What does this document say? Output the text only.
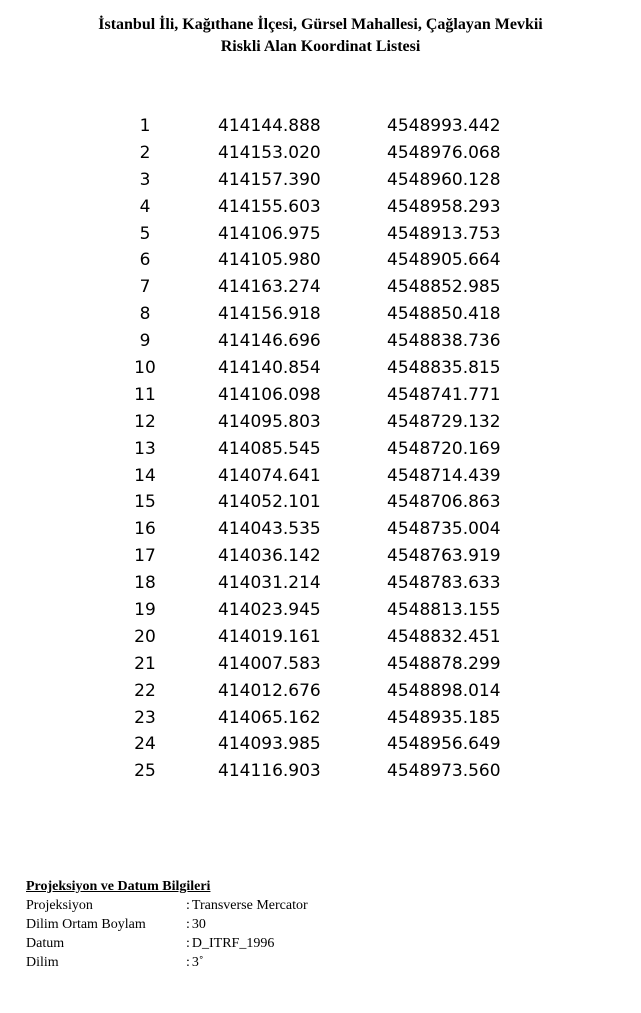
İstanbul İli, Kağıthane İlçesi, Gürsel Mahallesi, Çağlayan Mevkii
Riskli Alan Koordinat Listesi
1	414144.888	4548993.442
2	414153.020	4548976.068
3	414157.390	4548960.128
4	414155.603	4548958.293
5	414106.975	4548913.753
6	414105.980	4548905.664
7	414163.274	4548852.985
8	414156.918	4548850.418
9	414146.696	4548838.736
10	414140.854	4548835.815
11	414106.098	4548741.771
12	414095.803	4548729.132
13	414085.545	4548720.169
14	414074.641	4548714.439
15	414052.101	4548706.863
16	414043.535	4548735.004
17	414036.142	4548763.919
18	414031.214	4548783.633
19	414023.945	4548813.155
20	414019.161	4548832.451
21	414007.583	4548878.299
22	414012.676	4548898.014
23	414065.162	4548935.185
24	414093.985	4548956.649
25	414116.903	4548973.560
Projeksiyon ve Datum Bilgileri
Projeksiyon	: Transverse Mercator
Dilim Ortam Boylam	: 30
Datum	: D_ITRF_1996
Dilim	: 3˚
